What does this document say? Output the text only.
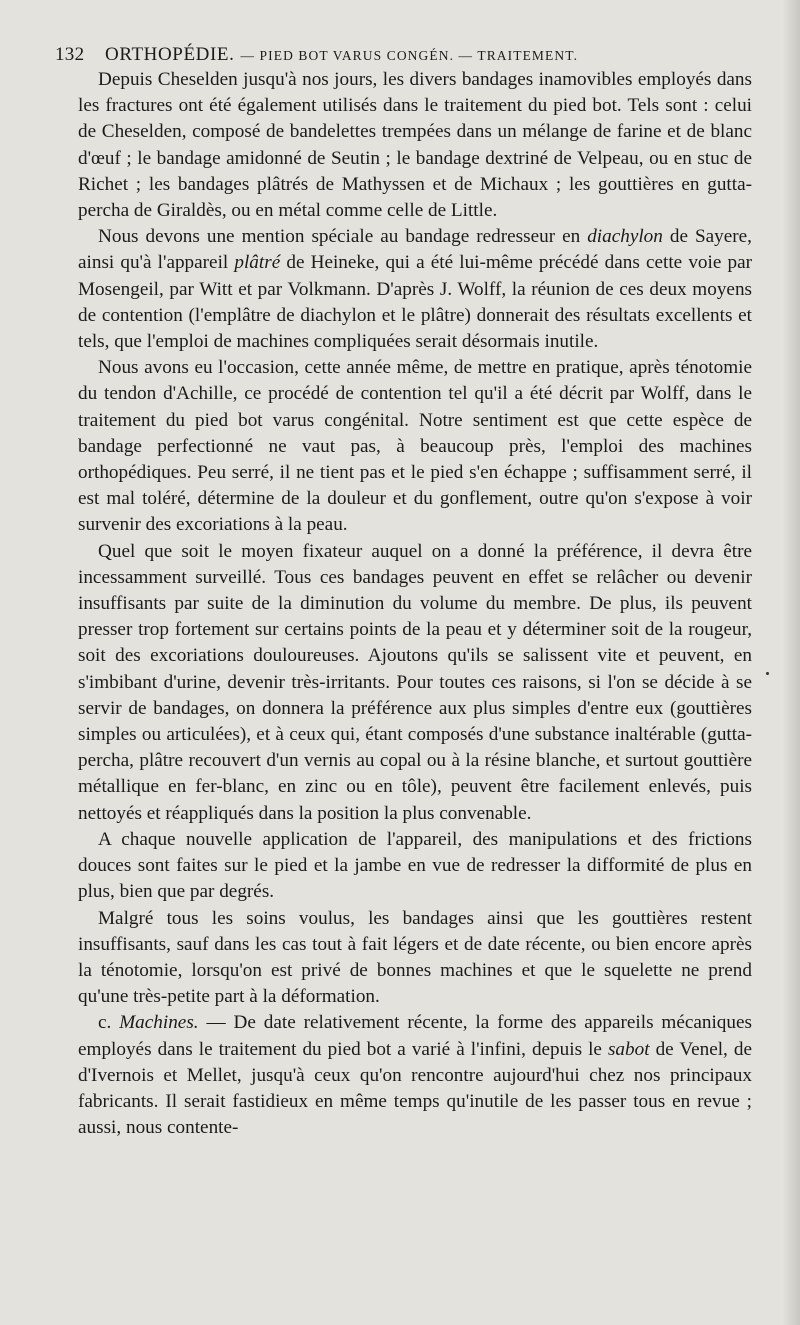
132 ORTHOPÉDIE. — PIED BOT VARUS CONGÉN. — TRAITEMENT.

Depuis Cheselden jusqu'à nos jours, les divers bandages inamovibles employés dans les fractures ont été également utilisés dans le traitement du pied bot. Tels sont : celui de Cheselden, composé de bandelettes trempées dans un mélange de farine et de blanc d'œuf ; le bandage amidonné de Seutin ; le bandage dextriné de Velpeau, ou en stuc de Richet ; les bandages plâtrés de Mathyssen et de Michaux ; les gouttières en gutta-percha de Giraldès, ou en métal comme celle de Little.

Nous devons une mention spéciale au bandage redresseur en diachylon de Sayere, ainsi qu'à l'appareil plâtré de Heineke, qui a été lui-même précédé dans cette voie par Mosengeil, par Witt et par Volkmann. D'après J. Wolff, la réunion de ces deux moyens de contention (l'emplâtre de diachylon et le plâtre) donnerait des résultats excellents et tels, que l'emploi de machines compliquées serait désormais inutile.

Nous avons eu l'occasion, cette année même, de mettre en pratique, après ténotomie du tendon d'Achille, ce procédé de contention tel qu'il a été décrit par Wolff, dans le traitement du pied bot varus congénital. Notre sentiment est que cette espèce de bandage perfectionné ne vaut pas, à beaucoup près, l'emploi des machines orthopédiques. Peu serré, il ne tient pas et le pied s'en échappe ; suffisamment serré, il est mal toléré, détermine de la douleur et du gonflement, outre qu'on s'expose à voir survenir des excoriations à la peau.

Quel que soit le moyen fixateur auquel on a donné la préférence, il devra être incessamment surveillé. Tous ces bandages peuvent en effet se relâcher ou devenir insuffisants par suite de la diminution du volume du membre. De plus, ils peuvent presser trop fortement sur certains points de la peau et y déterminer soit de la rougeur, soit des excoriations douloureuses. Ajoutons qu'ils se salissent vite et peuvent, en s'imbibant d'urine, devenir très-irritants. Pour toutes ces raisons, si l'on se décide à se servir de bandages, on donnera la préférence aux plus simples d'entre eux (gouttières simples ou articulées), et à ceux qui, étant composés d'une substance inaltérable (gutta-percha, plâtre recouvert d'un vernis au copal ou à la résine blanche, et surtout gouttière métallique en fer-blanc, en zinc ou en tôle), peuvent être facilement enlevés, puis nettoyés et réappliqués dans la position la plus convenable.

A chaque nouvelle application de l'appareil, des manipulations et des frictions douces sont faites sur le pied et la jambe en vue de redresser la difformité de plus en plus, bien que par degrés.

Malgré tous les soins voulus, les bandages ainsi que les gouttières restent insuffisants, sauf dans les cas tout à fait légers et de date récente, ou bien encore après la ténotomie, lorsqu'on est privé de bonnes machines et que le squelette ne prend qu'une très-petite part à la déformation.

c. Machines. — De date relativement récente, la forme des appareils mécaniques employés dans le traitement du pied bot a varié à l'infini, depuis le sabot de Venel, de d'Ivernois et Mellet, jusqu'à ceux qu'on rencontre aujourd'hui chez nos principaux fabricants. Il serait fastidieux en même temps qu'inutile de les passer tous en revue ; aussi, nous contente-
